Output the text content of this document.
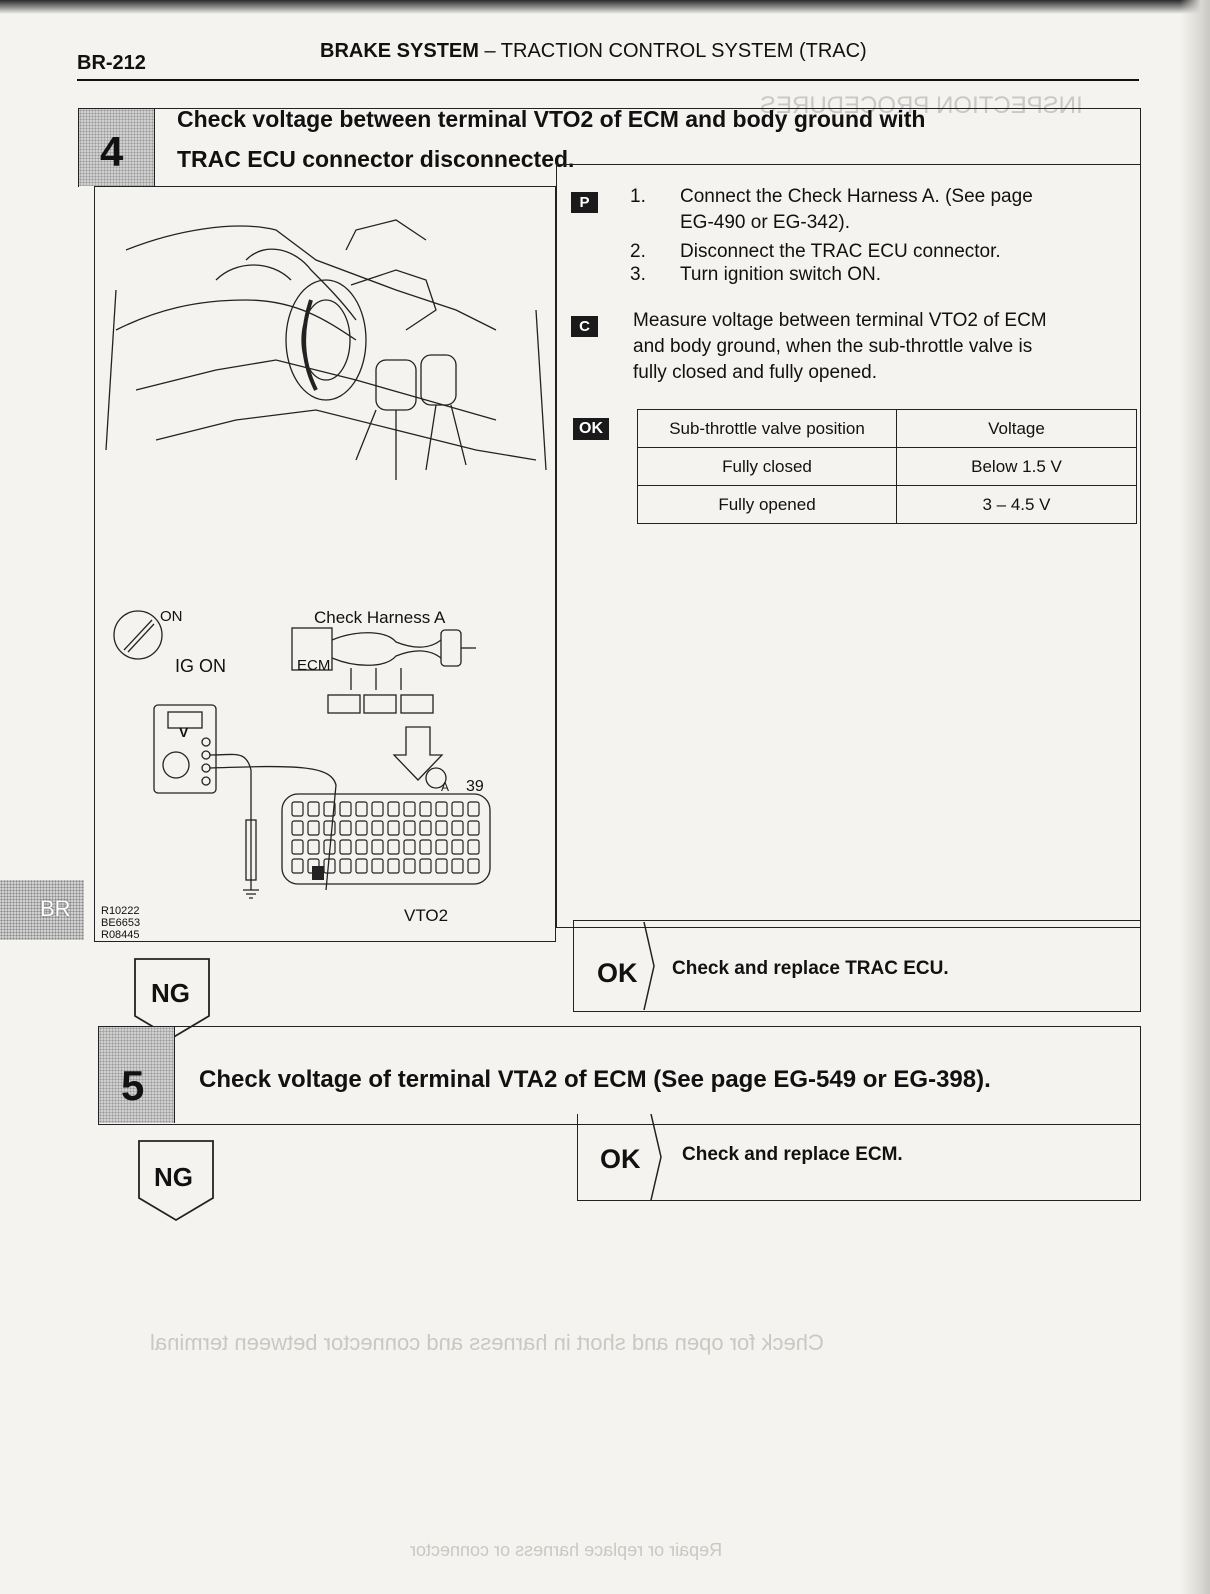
INSPECTION PROCEDURES
Check for open and short in harness and connector between terminal
Repair or replace harness or connector
BR-212
BRAKE SYSTEM – TRACTION CONTROL SYSTEM (TRAC)
BR
4
Check voltage between terminal VTO2 of ECM and body ground with
TRAC ECU connector disconnected.
ON
IG ON
Check Harness A
ECM
V
A 39
VTO2
R10222
BE6653
R08445
P	1. Connect the Check Harness A. (See page
EG-490 or EG-342).
2. Disconnect the TRAC ECU connector.
3. Turn ignition switch ON.
C	Measure voltage between terminal VTO2 of ECM
and body ground, when the sub-throttle valve is
fully closed and fully opened.
OK	Sub-throttle valve position	Voltage
Fully closed	Below 1.5 V
Fully opened	3 – 4.5 V
NG
OK Check and replace TRAC ECU.
5 Check voltage of terminal VTA2 of ECM (See page EG-549 or EG-398).
NG
OK Check and replace ECM.
